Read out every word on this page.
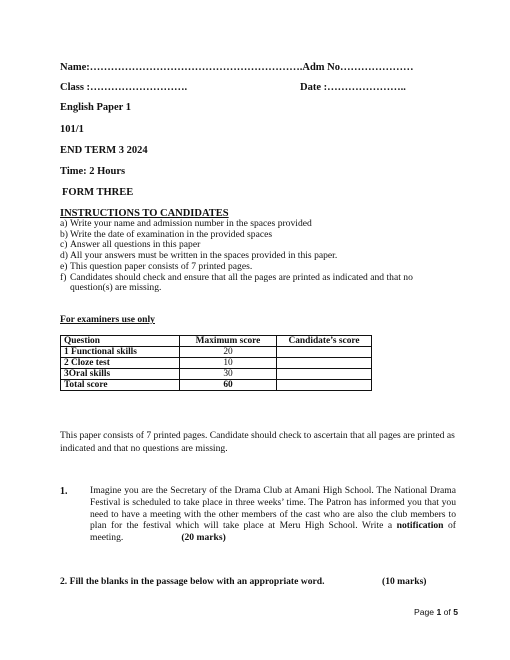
Name:…………………………………………………….Adm No…………………
Class :……………………….	Date :…………………..
English Paper 1
101/1
END TERM 3 2024
Time: 2 Hours
FORM THREE
INSTRUCTIONS TO CANDIDATES
a) Write your name and admission number in the spaces provided
b) Write the date of examination in the provided spaces
c) Answer all questions in this paper
d) All your answers must be written in the spaces provided in this paper.
e) This question paper consists of 7 printed pages.
f) Candidates should check and ensure that all the pages are printed as indicated and that no question(s) are missing.
For examiners use only
Question	Maximum score	Candidate’s score
1 Functional skills	20	
2 Cloze test	10	
3Oral skills	30	
Total score	60	
This paper consists of 7 printed pages. Candidate should check to ascertain that all pages are printed as indicated and that no questions are missing.
1. Imagine you are the Secretary of the Drama Club at Amani High School. The National Drama Festival is scheduled to take place in three weeks’ time. The Patron has informed you that you need to have a meeting with the other members of the cast who are also the club members to plan for the festival which will take place at Meru High School. Write a notification of meeting.	(20 marks)
2. Fill the blanks in the passage below with an appropriate word.	(10 marks)
Page 1 of 5
